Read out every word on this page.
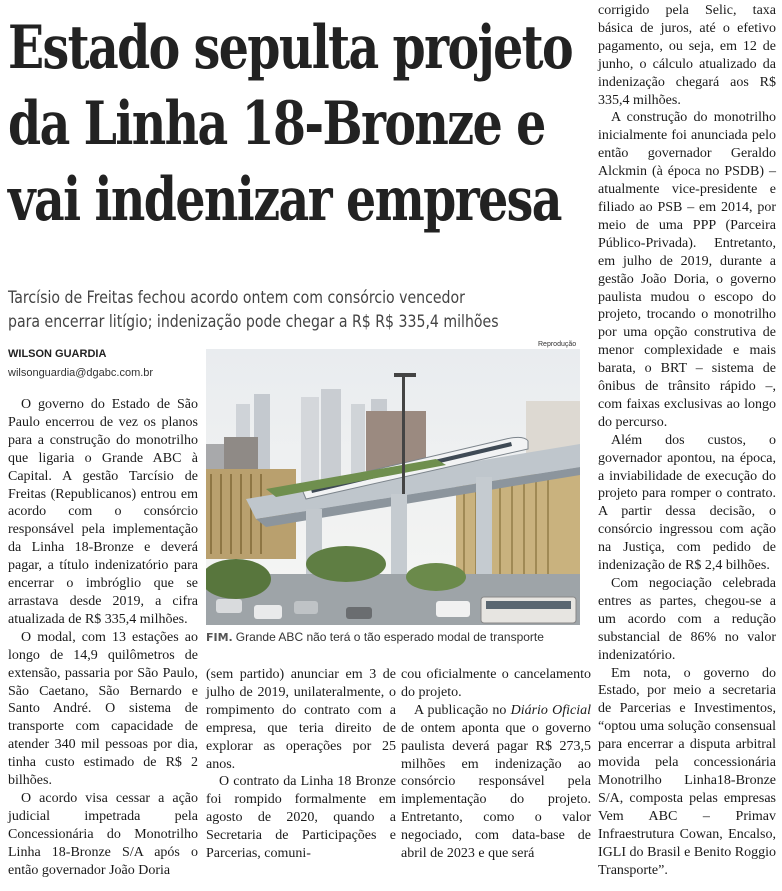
Estado sepulta projeto
da Linha 18-Bronze e
vai indenizar empresa
Tarcísio de Freitas fechou acordo ontem com consórcio vencedor
para encerrar litígio; indenização pode chegar a R$ R$ 335,4 milhões
WILSON GUARDIA
wilsonguardia@dgabc.com.br

O governo do Estado de São Paulo encerrou de vez os planos para a construção do monotrilho que ligaria o Grande ABC à Capital. A gestão Tarcísio de Freitas (Republicanos) entrou em acordo com o consórcio responsável pela implementação da Linha 18-Bronze e deverá pagar, a título indenizatório para encerrar o imbróglio que se arrastava desde 2019, a cifra atualizada de R$ 335,4 milhões.

O modal, com 13 estações ao longo de 14,9 quilômetros de extensão, passaria por São Paulo, São Caetano, São Bernardo e Santo André. O sistema de transporte com capacidade de atender 340 mil pessoas por dia, tinha custo estimado de R$ 2 bilhões.

O acordo visa cessar a ação judicial impetrada pela Concessionária do Monotrilho Linha 18-Bronze S/A após o então governador João Doria

Reprodução
FIM. Grande ABC não terá o tão esperado modal de transporte

(sem partido) anunciar em 3 de julho de 2019, unilateralmente, o rompimento do contrato com a empresa, que teria direito de explorar as operações por 25 anos.

O contrato da Linha 18 Bronze foi rompido formalmente em agosto de 2020, quando a Secretaria de Participações e Parcerias, comuni-

cou oficialmente o cancelamento do projeto.

A publicação no Diário Oficial de ontem aponta que o governo paulista deverá pagar R$ 273,5 milhões em indenização ao consórcio responsável pela implementação do projeto. Entretanto, como o valor negociado, com data-base de abril de 2023 e que será

corrigido pela Selic, taxa básica de juros, até o efetivo pagamento, ou seja, em 12 de junho, o cálculo atualizado da indenização chegará aos R$ 335,4 milhões.

A construção do monotrilho inicialmente foi anunciada pelo então governador Geraldo Alckmin (à época no PSDB) – atualmente vice-presidente e filiado ao PSB – em 2014, por meio de uma PPP (Parceira Público-Privada). Entretanto, em julho de 2019, durante a gestão João Doria, o governo paulista mudou o escopo do projeto, trocando o monotrilho por uma opção construtiva de menor complexidade e mais barata, o BRT – sistema de ônibus de trânsito rápido –, com faixas exclusivas ao longo do percurso.

Além dos custos, o governador apontou, na época, a inviabilidade de execução do projeto para romper o contrato. A partir dessa decisão, o consórcio ingressou com ação na Justiça, com pedido de indenização de R$ 2,4 bilhões.

Com negociação celebrada entres as partes, chegou-se a um acordo com a redução substancial de 86% no valor indenizatório.

Em nota, o governo do Estado, por meio a secretaria de Parcerias e Investimentos, “optou uma solução consensual para encerrar a disputa arbitral movida pela concessionária Monotrilho Linha18-Bronze S/A, composta pelas empresas Vem ABC – Primav Infraestrutura Cowan, Encalso, IGLI do Brasil e Benito Roggio Transporte”.
